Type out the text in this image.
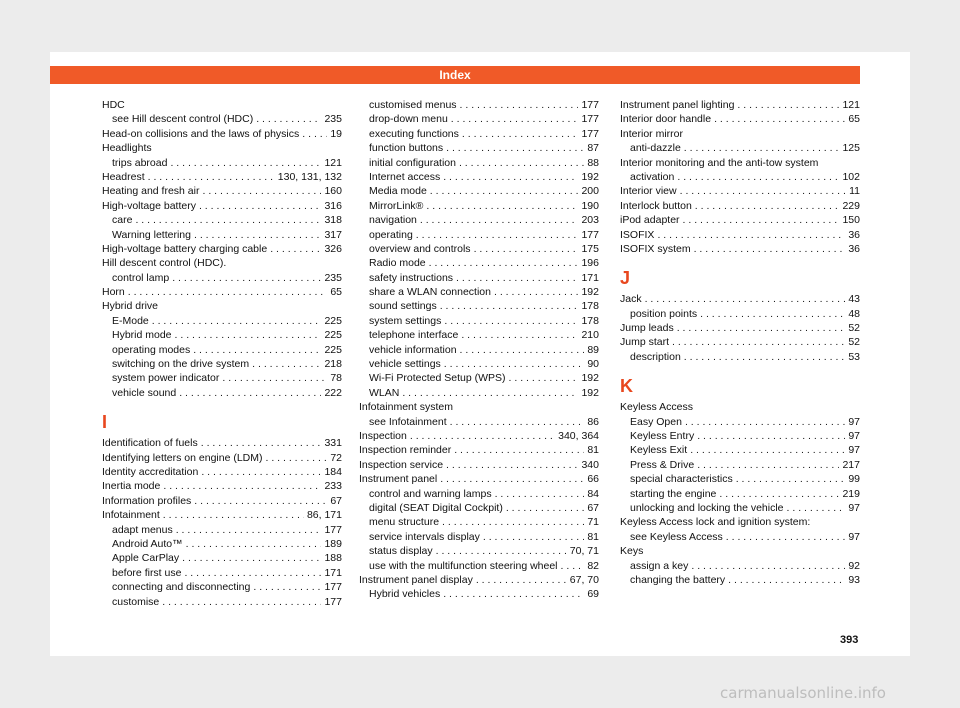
Index
HDC
see Hill descent control (HDC) . . .	235
Head-on collisions and the laws of physics . . .	19
Headlights
trips abroad . . .	121
Headrest . . .	130, 131, 132
Heating and fresh air . . .	160
High-voltage battery . . .	316
care . . .	318
Warning lettering . . .	317
High-voltage battery charging cable . . .	326
Hill descent control (HDC).
control lamp . . .	235
Horn . . .	65
Hybrid drive
E-Mode . . .	225
Hybrid mode . . .	225
operating modes . . .	225
switching on the drive system . . .	218
system power indicator . . .	78
vehicle sound . . .	222
I
Identification of fuels . . .	331
Identifying letters on engine (LDM) . . .	72
Identity accreditation . . .	184
Inertia mode . . .	233
Information profiles . . .	67
Infotainment . . .	86, 171
adapt menus . . .	177
Android Auto™ . . .	189
Apple CarPlay . . .	188
before first use . . .	171
connecting and disconnecting . . .	177
customise . . .	177
customised menus . . .	177
drop-down menu . . .	177
executing functions . . .	177
function buttons . . .	87
initial configuration . . .	88
Internet access . . .	192
Media mode . . .	200
MirrorLink® . . .	190
navigation . . .	203
operating . . .	177
overview and controls . . .	175
Radio mode . . .	196
safety instructions . . .	171
share a WLAN connection . . .	192
sound settings . . .	178
system settings . . .	178
telephone interface . . .	210
vehicle information . . .	89
vehicle settings . . .	90
Wi-Fi Protected Setup (WPS) . . .	192
WLAN . . .	192
Infotainment system
see Infotainment . . .	86
Inspection . . .	340, 364
Inspection reminder . . .	81
Inspection service . . .	340
Instrument panel . . .	66
control and warning lamps . . .	84
digital (SEAT Digital Cockpit) . . .	67
menu structure . . .	71
service intervals display . . .	81
status display . . .	70, 71
use with the multifunction steering wheel . . .	82
Instrument panel display . . .	67, 70
Hybrid vehicles . . .	69
Instrument panel lighting . . .	121
Interior door handle . . .	65
Interior mirror
anti-dazzle . . .	125
Interior monitoring and the anti-tow system
activation . . .	102
Interior view . . .	11
Interlock button . . .	229
iPod adapter . . .	150
ISOFIX . . .	36
ISOFIX system . . .	36
J
Jack . . .	43
position points . . .	48
Jump leads . . .	52
Jump start . . .	52
description . . .	53
K
Keyless Access
Easy Open . . .	97
Keyless Entry . . .	97
Keyless Exit . . .	97
Press & Drive . . .	217
special characteristics . . .	99
starting the engine . . .	219
unlocking and locking the vehicle . . .	97
Keyless Access lock and ignition system:
see Keyless Access . . .	97
Keys
assign a key . . .	92
changing the battery . . .	93
393
carmanualsonline.info
